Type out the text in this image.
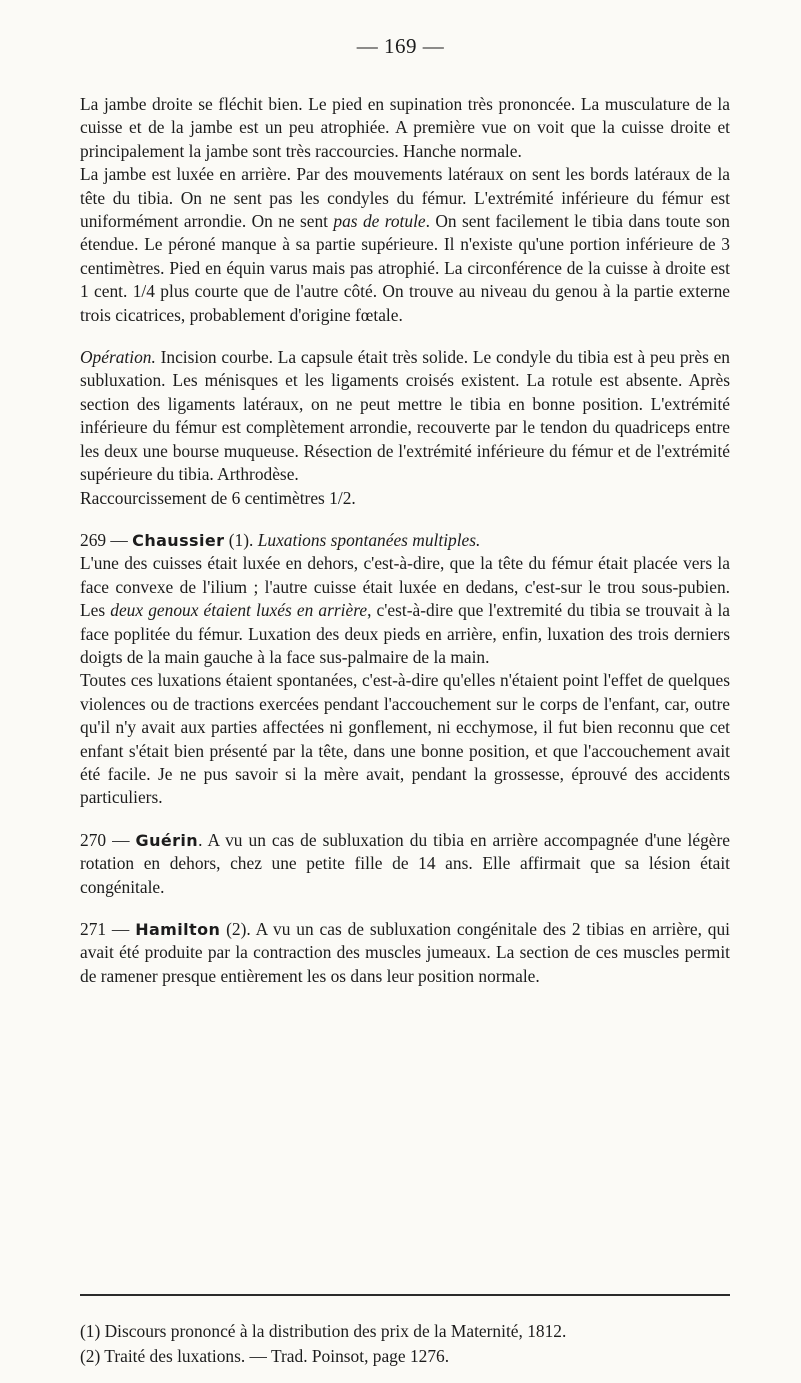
— 169 —

La jambe droite se fléchit bien. Le pied en supination très prononcée. La musculature de la cuisse et de la jambe est un peu atrophiée. A première vue on voit que la cuisse droite et principalement la jambe sont très raccourcies. Hanche normale.

La jambe est luxée en arrière. Par des mouvements latéraux on sent les bords latéraux de la tête du tibia. On ne sent pas les condyles du fémur. L'extrémité inférieure du fémur est uniformément arrondie. On ne sent pas de rotule. On sent facilement le tibia dans toute son étendue. Le péroné manque à sa partie supérieure. Il n'existe qu'une portion inférieure de 3 centimètres. Pied en équin varus mais pas atrophié. La circonférence de la cuisse à droite est 1 cent. 1/4 plus courte que de l'autre côté. On trouve au niveau du genou à la partie externe trois cicatrices, probablement d'origine fœtale.

Opération. Incision courbe. La capsule était très solide. Le condyle du tibia est à peu près en subluxation. Les ménisques et les ligaments croisés existent. La rotule est absente. Après section des ligaments latéraux, on ne peut mettre le tibia en bonne position. L'extrémité inférieure du fémur est complètement arrondie, recouverte par le tendon du quadriceps entre les deux une bourse muqueuse. Résection de l'extrémité inférieure du fémur et de l'extrémité supérieure du tibia. Arthrodèse.

Raccourcissement de 6 centimètres 1/2.

269 — Chaussier (1). Luxations spontanées multiples.

L'une des cuisses était luxée en dehors, c'est-à-dire, que la tête du fémur était placée vers la face convexe de l'ilium ; l'autre cuisse était luxée en dedans, c'est-sur le trou sous-pubien. Les deux genoux étaient luxés en arrière, c'est-à-dire que l'extremité du tibia se trouvait à la face poplitée du fémur. Luxation des deux pieds en arrière, enfin, luxation des trois derniers doigts de la main gauche à la face sus-palmaire de la main.

Toutes ces luxations étaient spontanées, c'est-à-dire qu'elles n'étaient point l'effet de quelques violences ou de tractions exercées pendant l'accouchement sur le corps de l'enfant, car, outre qu'il n'y avait aux parties affectées ni gonflement, ni ecchymose, il fut bien reconnu que cet enfant s'était bien présenté par la tête, dans une bonne position, et que l'accouchement avait été facile. Je ne pus savoir si la mère avait, pendant la grossesse, éprouvé des accidents particuliers.

270 — Guérin. A vu un cas de subluxation du tibia en arrière accompagnée d'une légère rotation en dehors, chez une petite fille de 14 ans. Elle affirmait que sa lésion était congénitale.

271 — Hamilton (2). A vu un cas de subluxation congénitale des 2 tibias en arrière, qui avait été produite par la contraction des muscles jumeaux. La section de ces muscles permit de ramener presque entièrement les os dans leur position normale.

(1) Discours prononcé à la distribution des prix de la Maternité, 1812.

(2) Traité des luxations. — Trad. Poinsot, page 1276.
